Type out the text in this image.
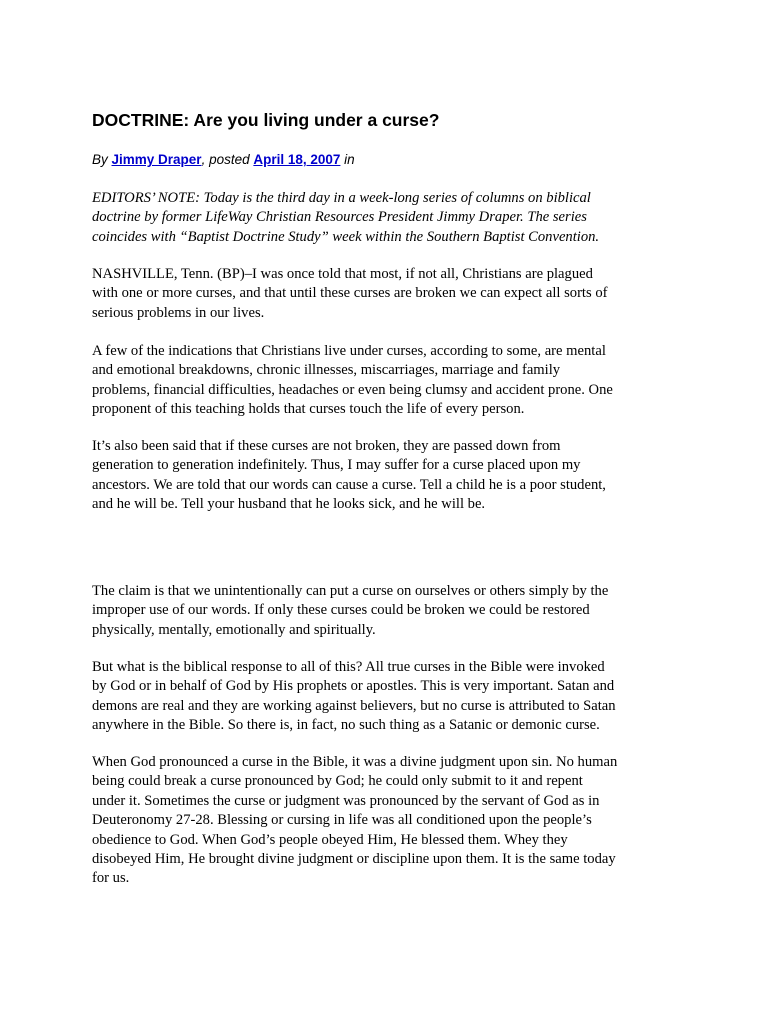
DOCTRINE: Are you living under a curse?

By Jimmy Draper, posted April 18, 2007 in

EDITORS’ NOTE: Today is the third day in a week-long series of columns on biblical
doctrine by former LifeWay Christian Resources President Jimmy Draper. The series
coincides with “Baptist Doctrine Study” week within the Southern Baptist Convention.

NASHVILLE, Tenn. (BP)–I was once told that most, if not all, Christians are plagued
with one or more curses, and that until these curses are broken we can expect all sorts of
serious problems in our lives.

A few of the indications that Christians live under curses, according to some, are mental
and emotional breakdowns, chronic illnesses, miscarriages, marriage and family
problems, financial difficulties, headaches or even being clumsy and accident prone. One
proponent of this teaching holds that curses touch the life of every person.

It’s also been said that if these curses are not broken, they are passed down from
generation to generation indefinitely. Thus, I may suffer for a curse placed upon my
ancestors. We are told that our words can cause a curse. Tell a child he is a poor student,
and he will be. Tell your husband that he looks sick, and he will be.

The claim is that we unintentionally can put a curse on ourselves or others simply by the
improper use of our words. If only these curses could be broken we could be restored
physically, mentally, emotionally and spiritually.

But what is the biblical response to all of this? All true curses in the Bible were invoked
by God or in behalf of God by His prophets or apostles. This is very important. Satan and
demons are real and they are working against believers, but no curse is attributed to Satan
anywhere in the Bible. So there is, in fact, no such thing as a Satanic or demonic curse.

When God pronounced a curse in the Bible, it was a divine judgment upon sin. No human
being could break a curse pronounced by God; he could only submit to it and repent
under it. Sometimes the curse or judgment was pronounced by the servant of God as in
Deuteronomy 27-28. Blessing or cursing in life was all conditioned upon the people’s
obedience to God. When God’s people obeyed Him, He blessed them. Whey they
disobeyed Him, He brought divine judgment or discipline upon them. It is the same today
for us.
